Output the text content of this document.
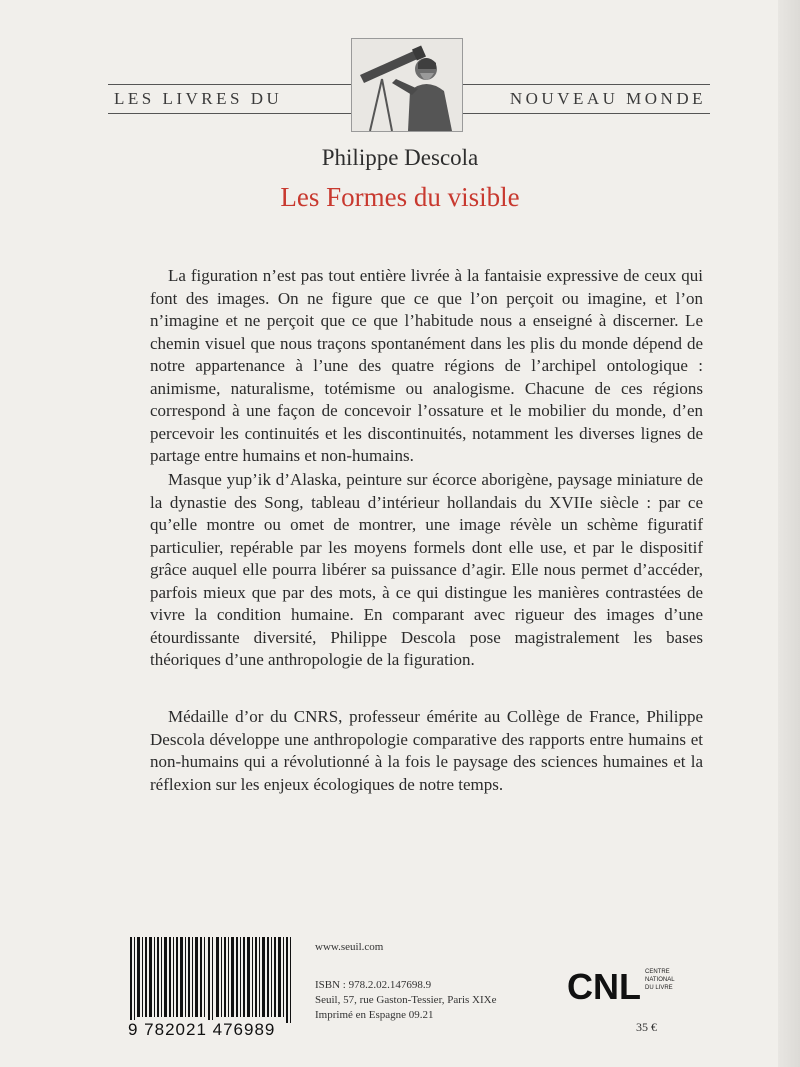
LES LIVRES DU	NOUVEAU MONDE
Philippe Descola
Les Formes du visible

La figuration n’est pas tout entière livrée à la fantaisie expressive de ceux qui font des images. On ne figure que ce que l’on perçoit ou imagine, et l’on n’imagine et ne perçoit que ce que l’habitude nous a enseigné à discerner. Le chemin visuel que nous traçons spontanément dans les plis du monde dépend de notre appartenance à l’une des quatre régions de l’archipel ontologique : animisme, naturalisme, totémisme ou analogisme. Chacune de ces régions correspond à une façon de concevoir l’ossature et le mobilier du monde, d’en percevoir les continuités et les discontinuités, notamment les diverses lignes de partage entre humains et non-humains.

Masque yup’ik d’Alaska, peinture sur écorce aborigène, paysage miniature de la dynastie des Song, tableau d’intérieur hollandais du XVIIe siècle : par ce qu’elle montre ou omet de montrer, une image révèle un schème figuratif particulier, repérable par les moyens formels dont elle use, et par le dispositif grâce auquel elle pourra libérer sa puissance d’agir. Elle nous permet d’accéder, parfois mieux que par des mots, à ce qui distingue les manières contrastées de vivre la condition humaine. En comparant avec rigueur des images d’une étourdissante diversité, Philippe Descola pose magistralement les bases théoriques d’une anthropologie de la figuration.

Médaille d’or du CNRS, professeur émérite au Collège de France, Philippe Descola développe une anthropologie comparative des rapports entre humains et non-humains qui a révolutionné à la fois le paysage des sciences humaines et la réflexion sur les enjeux écologiques de notre temps.

9 782021 476989
www.seuil.com
ISBN : 978.2.02.147698.9
Seuil, 57, rue Gaston-Tessier, Paris XIXe
Imprimé en Espagne 09.21
CNL CENTRE
NATIONAL
DU LIVRE
35 €
